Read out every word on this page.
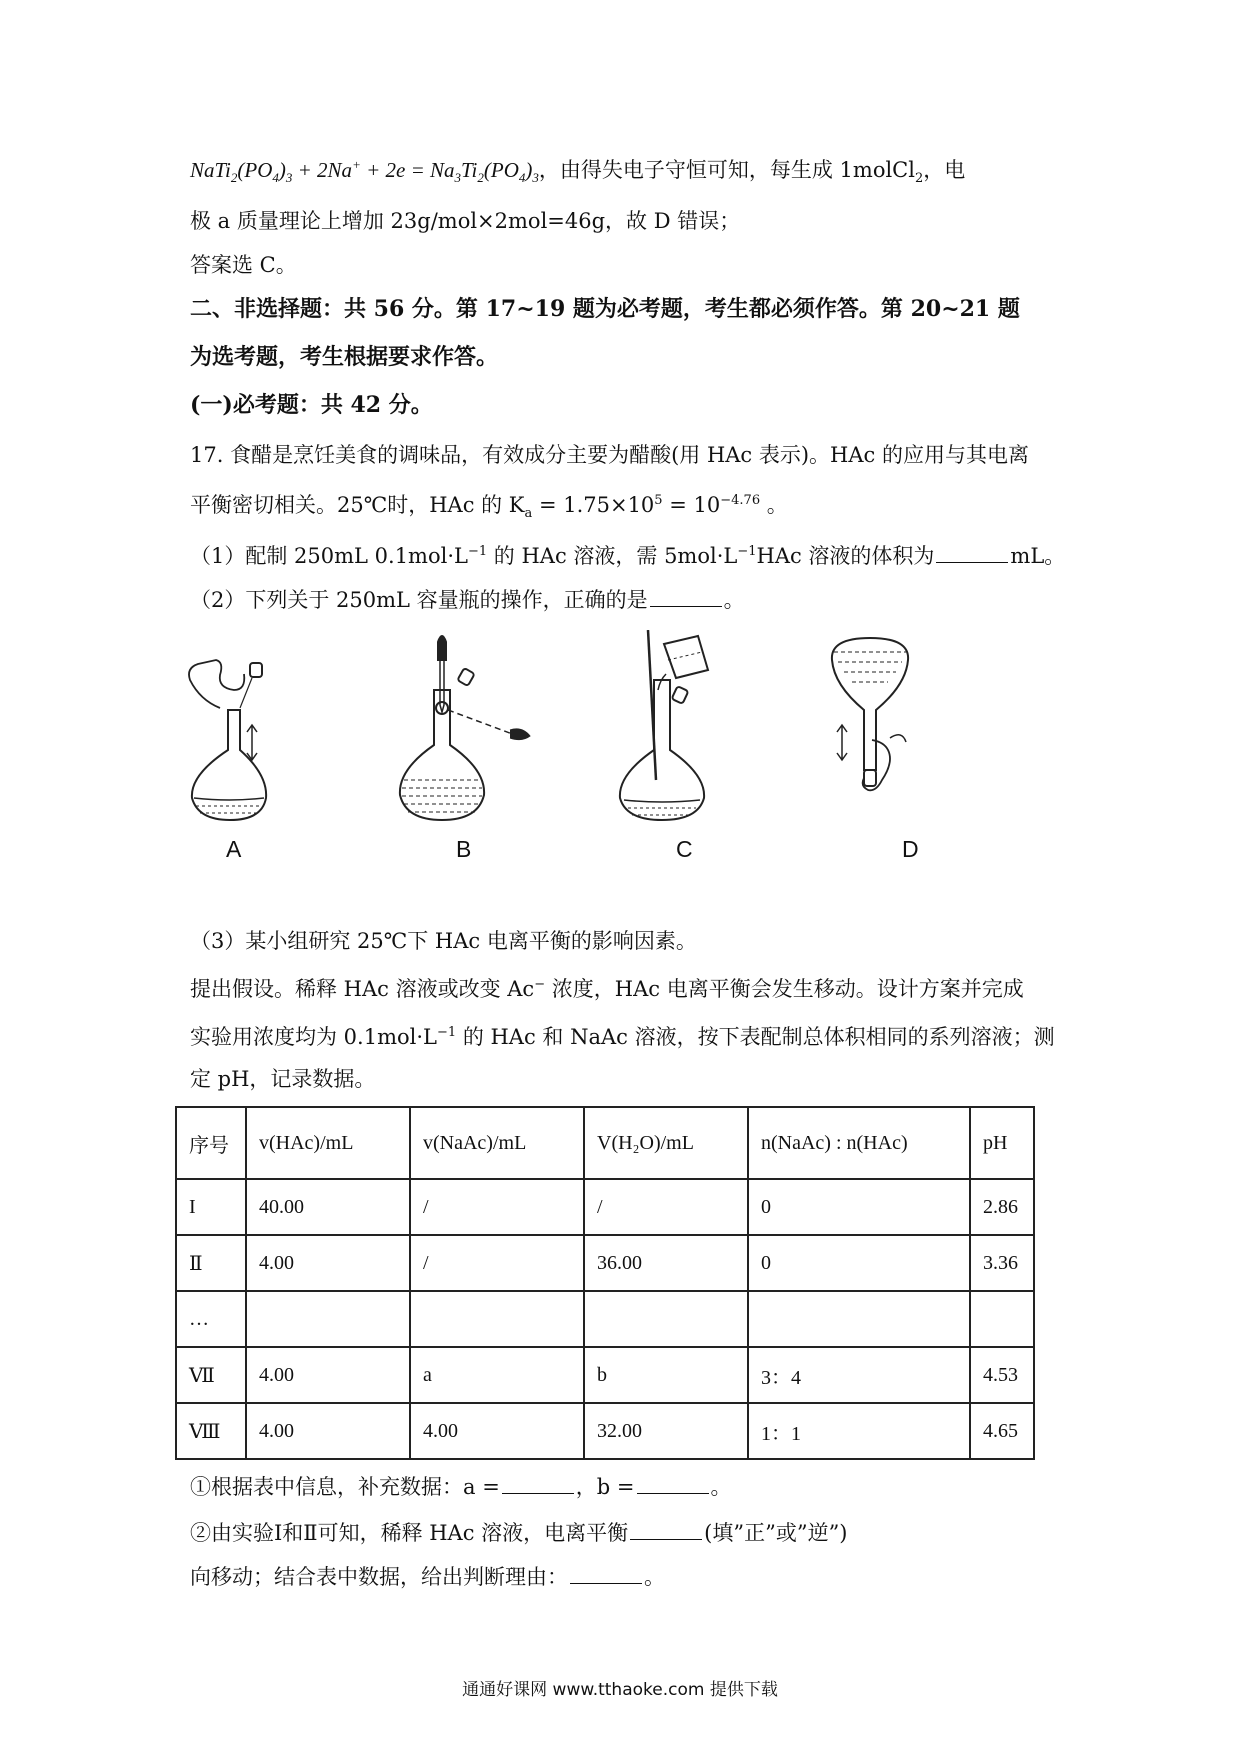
$NaTi_2(PO_4)_3 + 2Na^+ + 2e = Na_3Ti_2(PO_4)_3$，由得失电子守恒可知，每生成 1molCl$_2$，电
极 a 质量理论上增加 23g/mol×2mol=46g，故 D 错误；
答案选 C。
二、非选择题：共 56 分。第 17~19 题为必考题，考生都必须作答。第 20~21 题
为选考题，考生根据要求作答。
(一)必考题：共 42 分。
17. 食醋是烹饪美食的调味品，有效成分主要为醋酸(用 HAc 表示)。HAc 的应用与其电离
平衡密切相关。25℃时，HAc 的 $K_a = 1.75\times 10^5 = 10^{-4.76}$ 。
（1）配制 250mL $0.1mol\cdot L^{-1}$ 的 HAc 溶液，需 $5mol\cdot L^{-1}HAc$ 溶液的体积为	mL。
（2）下列关于 250mL 容量瓶的操作，正确的是	。
A	B	C	D
（3）某小组研究 25℃下 HAc 电离平衡的影响因素。
提出假设。稀释 HAc 溶液或改变 Ac− 浓度，HAc 电离平衡会发生移动。设计方案并完成
实验用浓度均为 $0.1mol\cdot L^{-1}$ 的 HAc 和 NaAc 溶液，按下表配制总体积相同的系列溶液；测
定 pH，记录数据。
序号	v(HAc)/mL	v(NaAc)/mL	V(H₂O)/mL	n(NaAc) : n(HAc)	pH
I	40.00	/	/	0	2.86
Ⅱ	4.00	/	36.00	0	3.36
…					
Ⅶ	4.00	a	b	3：4	4.53
Ⅷ	4.00	4.00	32.00	1：1	4.65
①根据表中信息，补充数据：a =	，b =	。
②由实验Ⅰ和Ⅱ可知，稀释 HAc 溶液，电离平衡	(填”正”或”逆”)
向移动；结合表中数据，给出判断理由：	。
通通好课网 www.tthaoke.com 提供下载
